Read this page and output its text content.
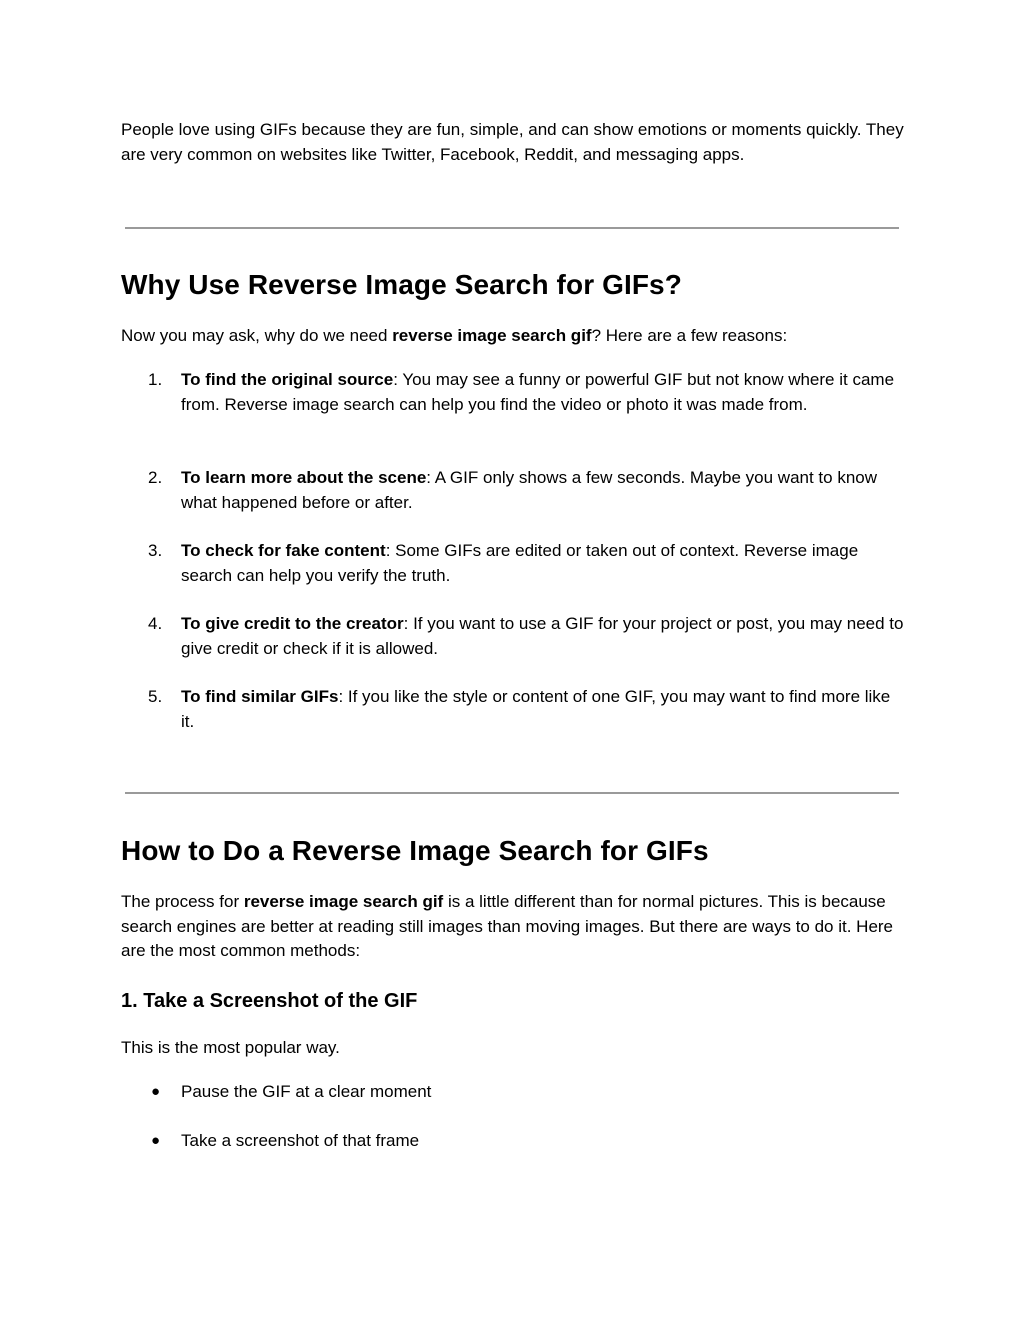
People love using GIFs because they are fun, simple, and can show emotions or moments quickly. They are very common on websites like Twitter, Facebook, Reddit, and messaging apps.

Why Use Reverse Image Search for GIFs?

Now you may ask, why do we need reverse image search gif? Here are a few reasons:

1.	To find the original source: You may see a funny or powerful GIF but not know where it came from. Reverse image search can help you find the video or photo it was made from.
2.	To learn more about the scene: A GIF only shows a few seconds. Maybe you want to know what happened before or after.
3.	To check for fake content: Some GIFs are edited or taken out of context. Reverse image search can help you verify the truth.
4.	To give credit to the creator: If you want to use a GIF for your project or post, you may need to give credit or check if it is allowed.
5.	To find similar GIFs: If you like the style or content of one GIF, you may want to find more like it.
How to Do a Reverse Image Search for GIFs

The process for reverse image search gif is a little different than for normal pictures. This is because search engines are better at reading still images than moving images. But there are ways to do it. Here are the most common methods:

1. Take a Screenshot of the GIF

This is the most popular way.

● Pause the GIF at a clear moment
● Take a screenshot of that frame
